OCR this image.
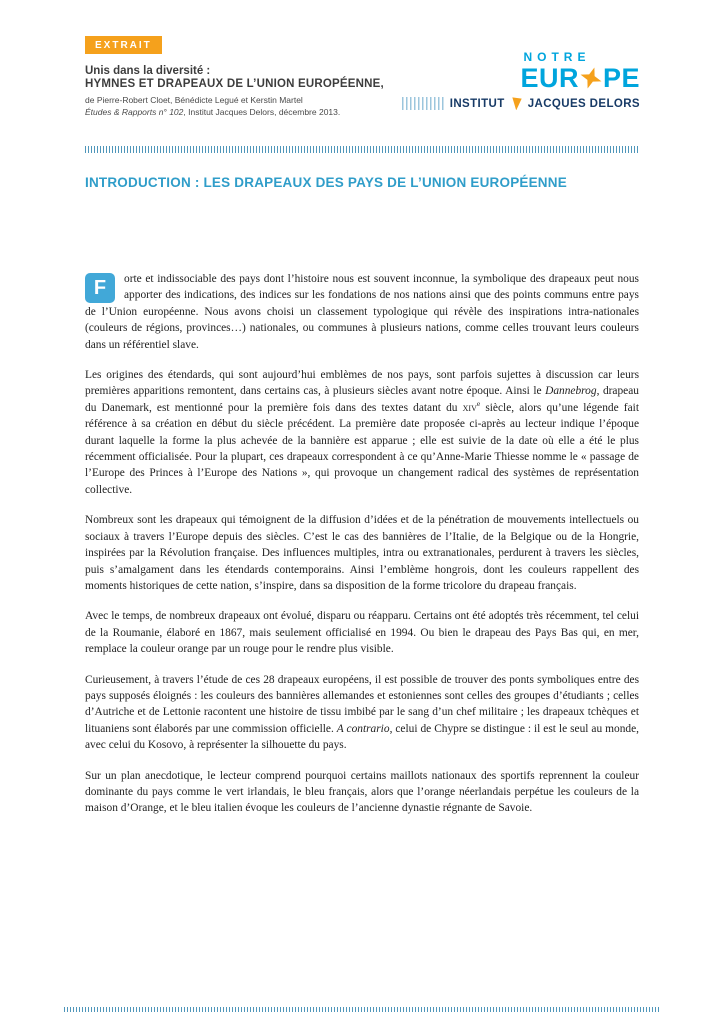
EXTRAIT
Unis dans la diversité :
HYMNES ET DRAPEAUX DE L’UNION EUROPÉENNE,
de Pierre-Robert Cloet, Bénédicte Legué et Kerstin Martel
Études & Rapports n° 102, Institut Jacques Delors, décembre 2013.
NOTRE
EUR PE
INSTITUT JACQUES DELORS
INTRODUCTION : LES DRAPEAUX DES PAYS DE L’UNION EUROPÉENNE

F	orte et indissociable des pays dont l’histoire nous est souvent inconnue, la symbolique des drapeaux peut nous apporter des indications, des indices sur les fondations de nos nations ainsi que des points communs entre pays de l’Union européenne. Nous avons choisi un classement typologique qui révèle des inspirations intra-nationales (couleurs de régions, provinces…) nationales, ou communes à plusieurs nations, comme celles trouvant leurs couleurs dans un référentiel slave.

Les origines des étendards, qui sont aujourd’hui emblèmes de nos pays, sont parfois sujettes à discussion car leurs premières apparitions remontent, dans certains cas, à plusieurs siècles avant notre époque. Ainsi le Dannebrog, drapeau du Danemark, est mentionné pour la première fois dans des textes datant du xiv$^e$ siècle, alors qu’une légende fait référence à sa création en début du siècle précédent. La première date proposée ci-après au lecteur indique l’époque durant laquelle la forme la plus achevée de la bannière est apparue ; elle est suivie de la date où elle a été le plus récemment officialisée. Pour la plupart, ces drapeaux correspondent à ce qu’Anne-Marie Thiesse nomme le « passage de l’Europe des Princes à l’Europe des Nations », qui provoque un changement radical des systèmes de représentation collective.

Nombreux sont les drapeaux qui témoignent de la diffusion d’idées et de la pénétration de mouvements intellectuels ou sociaux à travers l’Europe depuis des siècles. C’est le cas des bannières de l’Italie, de la Belgique ou de la Hongrie, inspirées par la Révolution française. Des influences multiples, intra ou extranationales, perdurent à travers les siècles, puis s’amalgament dans les étendards contemporains. Ainsi l’emblème hongrois, dont les couleurs rappellent des moments historiques de cette nation, s’inspire, dans sa disposition de la forme tricolore du drapeau français.

Avec le temps, de nombreux drapeaux ont évolué, disparu ou réapparu. Certains ont été adoptés très récemment, tel celui de la Roumanie, élaboré en 1867, mais seulement officialisé en 1994. Ou bien le drapeau des Pays Bas qui, en mer, remplace la couleur orange par un rouge pour le rendre plus visible.

Curieusement, à travers l’étude de ces 28 drapeaux européens, il est possible de trouver des ponts symboliques entre des pays supposés éloignés : les couleurs des bannières allemandes et estoniennes sont celles des groupes d’étudiants ; celles d’Autriche et de Lettonie racontent une histoire de tissu imbibé par le sang d’un chef militaire ; les drapeaux tchèques et lituaniens sont élaborés par une commission officielle. A contrario, celui de Chypre se distingue : il est le seul au monde, avec celui du Kosovo, à représenter la silhouette du pays.

Sur un plan anecdotique, le lecteur comprend pourquoi certains maillots nationaux des sportifs reprennent la couleur dominante du pays comme le vert irlandais, le bleu français, alors que l’orange néerlandais perpétue les couleurs de la maison d’Orange, et le bleu italien évoque les couleurs de l’ancienne dynastie régnante de Savoie.
